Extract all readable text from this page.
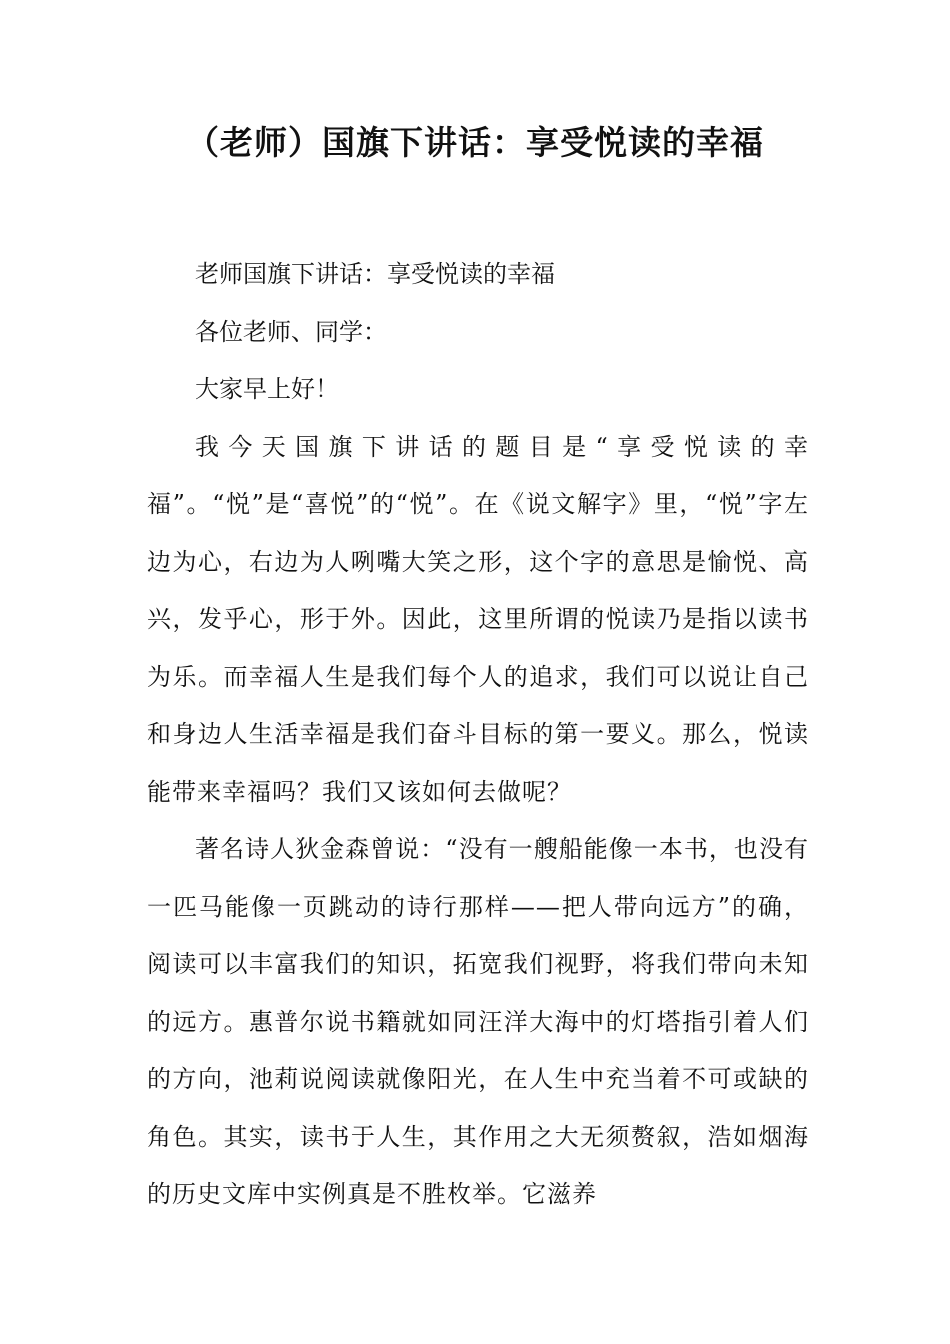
（老师）国旗下讲话：享受悦读的幸福

老师国旗下讲话：享受悦读的幸福

各位老师、同学：

大家早上好！

我今天国旗下讲话的题目是“享受悦读的幸福”。“悦”是“喜悦”的“悦”。在《说文解字》里，“悦”字左边为心，右边为人咧嘴大笑之形，这个字的意思是愉悦、高兴，发乎心，形于外。因此，这里所谓的悦读乃是指以读书为乐。而幸福人生是我们每个人的追求，我们可以说让自己和身边人生活幸福是我们奋斗目标的第一要义。那么，悦读能带来幸福吗？我们又该如何去做呢？

著名诗人狄金森曾说：“没有一艘船能像一本书，也没有一匹马能像一页跳动的诗行那样——把人带向远方”的确，阅读可以丰富我们的知识，拓宽我们视野，将我们带向未知的远方。惠普尔说书籍就如同汪洋大海中的灯塔指引着人们的方向，池莉说阅读就像阳光，在人生中充当着不可或缺的角色。其实，读书于人生，其作用之大无须赘叙，浩如烟海的历史文库中实例真是不胜枚举。它滋养
